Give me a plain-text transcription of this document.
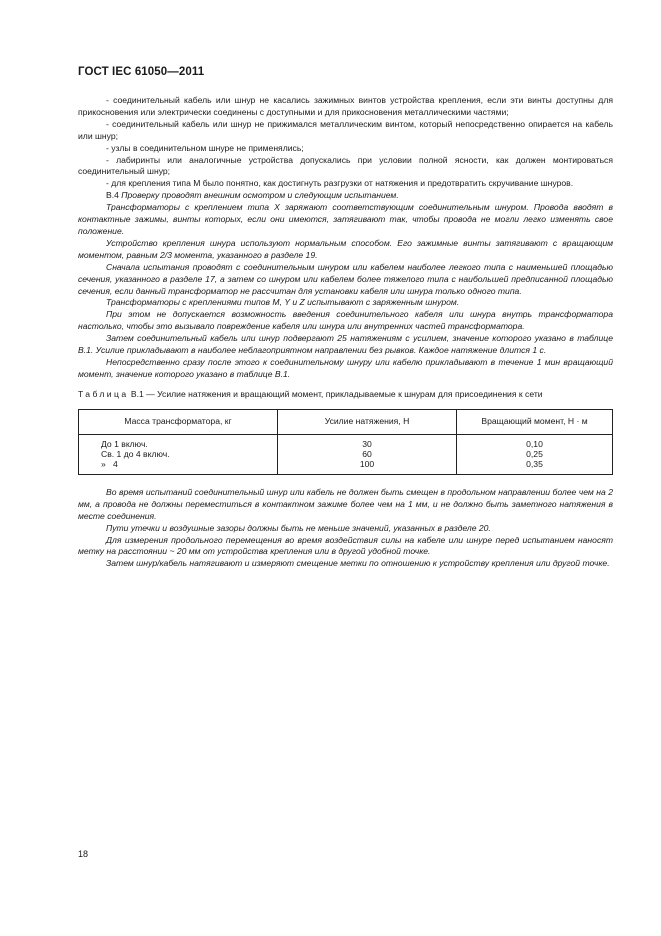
ГОСТ IEC 61050—2011

- соединительный кабель или шнур не касались зажимных винтов устройства крепления, если эти винты доступны для прикосновения или электрически соединены с доступными и для прикосновения металлическими частями;

- соединительный кабель или шнур не прижимался металлическим винтом, который непосредственно опирается на кабель или шнур;

- узлы в соединительном шнуре не применялись;

- лабиринты или аналогичные устройства допускались при условии полной ясности, как должен монтироваться соединительный шнур;

- для крепления типа М было понятно, как достигнуть разгрузки от натяжения и предотвратить скручивание шнуров.

В.4 Проверку проводят внешним осмотром и следующим испытанием.

Трансформаторы с креплением типа X заряжают соответствующим соединительным шнуром. Провода вводят в контактные зажимы, винты которых, если они имеются, затягивают так, чтобы провода не могли легко изменять свое положение.

Устройство крепления шнура используют нормальным способом. Его зажимные винты затягивают с вращающим моментом, равным 2/3 момента, указанного в разделе 19.

Сначала испытания проводят с соединительным шнуром или кабелем наиболее легкого типа с наименьшей площадью сечения, указанного в разделе 17, а затем со шнуром или кабелем более тяжелого типа с наибольшей предписанной площадью сечения, если данный трансформатор не рассчитан для установки кабеля или шнура только одного типа.

Трансформаторы с креплениями типов М, Y и Z испытывают с заряженным шнуром.

При этом не допускается возможность введения соединительного кабеля или шнура внутрь трансформатора настолько, чтобы это вызывало повреждение кабеля или шнура или внутренних частей трансформатора.

Затем соединительный кабель или шнур подвергают 25 натяжениям с усилием, значение которого указано в таблице В.1. Усилие прикладывают в наиболее неблагоприятном направлении без рывков. Каждое натяжение длится 1 с.

Непосредственно сразу после этого к соединительному шнуру или кабелю прикладывают в течение 1 мин вращающий момент, значение которого указано в таблице В.1.

Таблица В.1 — Усилие натяжения и вращающий момент, прикладываемые к шнурам для присоединения к сети

Масса трансформатора, кг	Усилие натяжения, Н	Вращающий момент, Н · м
До 1 включ.	30	0,10
Св. 1 до 4 включ.	60	0,25
»   4	100	0,35

Во время испытаний соединительный шнур или кабель не должен быть смещен в продольном направлении более чем на 2 мм, а провода не должны переместиться в контактном зажиме более чем на 1 мм, и не должно быть заметного натяжения в месте соединения.

Пути утечки и воздушные зазоры должны быть не меньше значений, указанных в разделе 20.

Для измерения продольного перемещения во время воздействия силы на кабеле или шнуре перед испытанием наносят метку на расстоянии ~ 20 мм от устройства крепления или в другой удобной точке.

Затем шнур/кабель натягивают и измеряют смещение метки по отношению к устройству крепления или другой точке.

18
